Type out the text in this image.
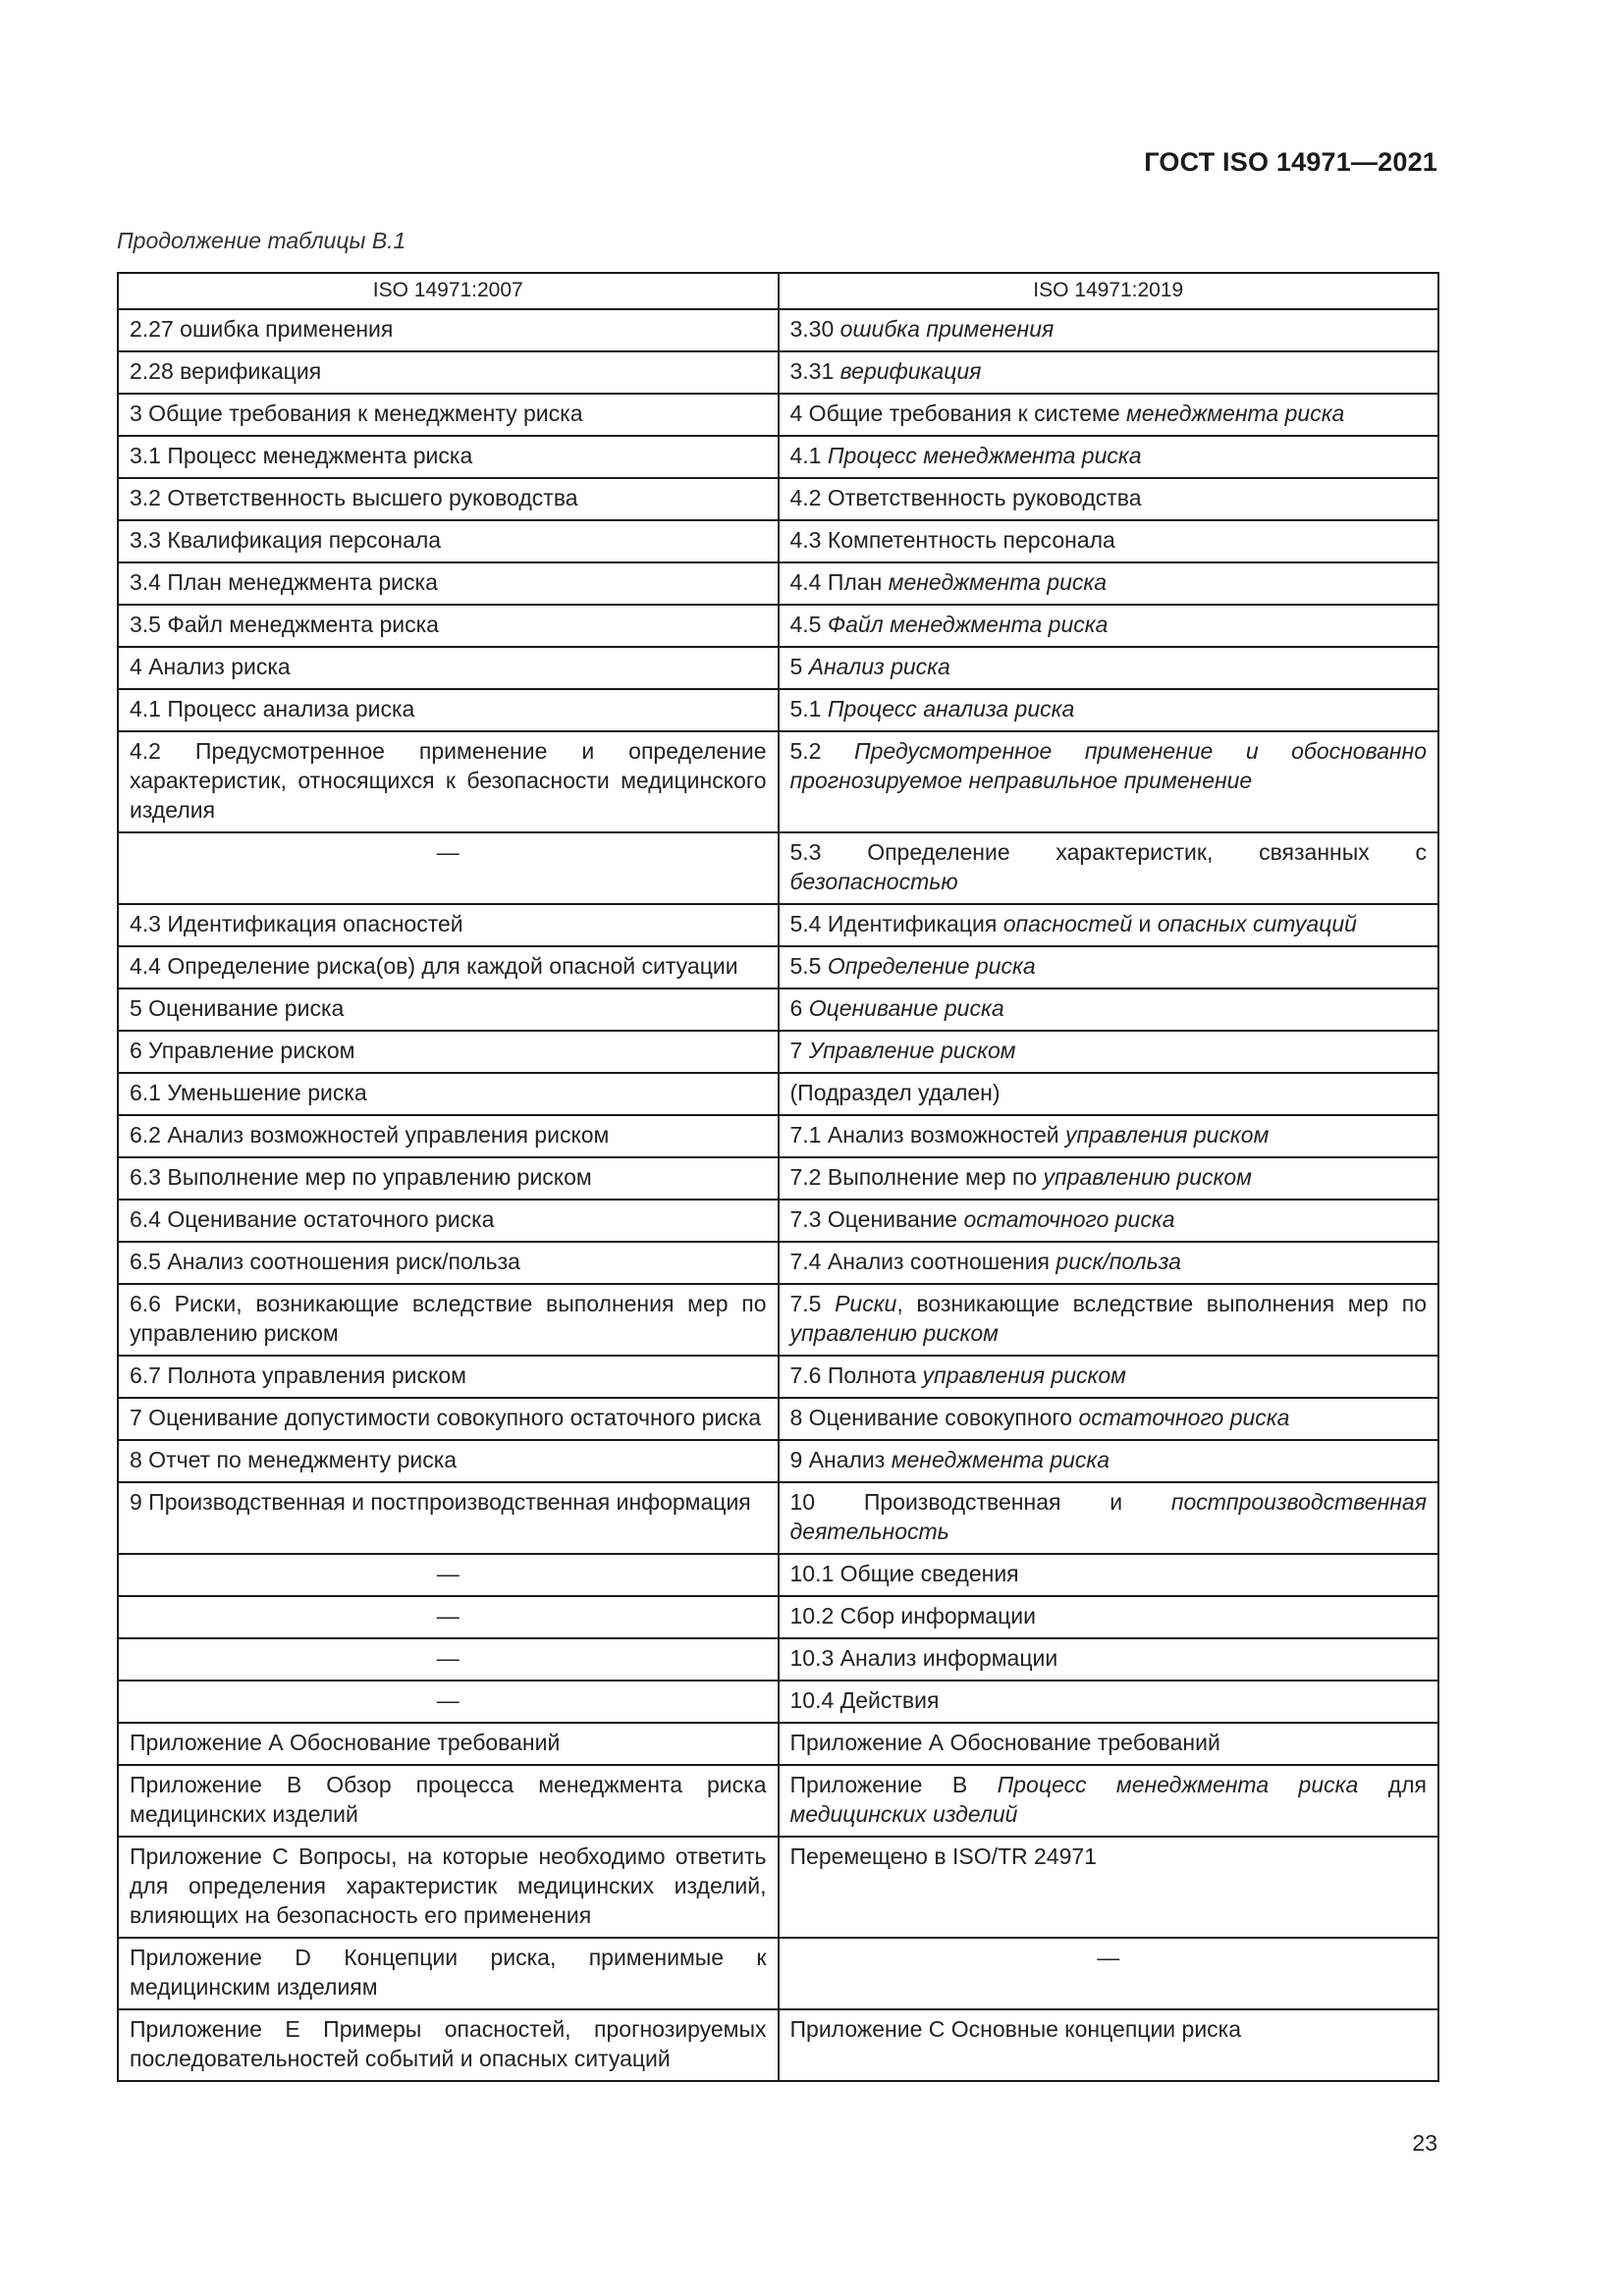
ГОСТ ISO 14971—2021
Продолжение таблицы В.1
ISO 14971:2007	ISO 14971:2019
2.27 ошибка применения	3.30 ошибка применения
2.28 верификация	3.31 верификация
3 Общие требования к менеджменту риска	4 Общие требования к системе менеджмента риска
3.1 Процесс менеджмента риска	4.1 Процесс менеджмента риска
3.2 Ответственность высшего руководства	4.2 Ответственность руководства
3.3 Квалификация персонала	4.3 Компетентность персонала
3.4 План менеджмента риска	4.4 План менеджмента риска
3.5 Файл менеджмента риска	4.5 Файл менеджмента риска
4 Анализ риска	5 Анализ риска
4.1 Процесс анализа риска	5.1 Процесс анализа риска
4.2 Предусмотренное применение и определение характеристик, относящихся к безопасности медицинского изделия	5.2 Предусмотренное применение и обоснованно прогнозируемое неправильное применение
—	5.3 Определение характеристик, связанных с безопасностью
4.3 Идентификация опасностей	5.4 Идентификация опасностей и опасных ситуаций
4.4 Определение риска(ов) для каждой опасной ситуации	5.5 Определение риска
5 Оценивание риска	6 Оценивание риска
6 Управление риском	7 Управление риском
6.1 Уменьшение риска	(Подраздел удален)
6.2 Анализ возможностей управления риском	7.1 Анализ возможностей управления риском
6.3 Выполнение мер по управлению риском	7.2 Выполнение мер по управлению риском
6.4 Оценивание остаточного риска	7.3 Оценивание остаточного риска
6.5 Анализ соотношения риск/польза	7.4 Анализ соотношения риск/польза
6.6 Риски, возникающие вследствие выполнения мер по управлению риском	7.5 Риски, возникающие вследствие выполнения мер по управлению риском
6.7 Полнота управления риском	7.6 Полнота управления риском
7 Оценивание допустимости совокупного остаточного риска	8 Оценивание совокупного остаточного риска
8 Отчет по менеджменту риска	9 Анализ менеджмента риска
9 Производственная и постпроизводственная информация	10 Производственная и постпроизводственная деятельность
—	10.1 Общие сведения
—	10.2 Сбор информации
—	10.3 Анализ информации
—	10.4 Действия
Приложение А Обоснование требований	Приложение А Обоснование требований
Приложение В Обзор процесса менеджмента риска медицинских изделий	Приложение В Процесс менеджмента риска для медицинских изделий
Приложение С Вопросы, на которые необходимо ответить для определения характеристик медицинских изделий, влияющих на безопасность его применения	Перемещено в ISO/TR 24971
Приложение D Концепции риска, применимые к медицинским изделиям	—
Приложение Е Примеры опасностей, прогнозируемых последовательностей событий и опасных ситуаций	Приложение С Основные концепции риска
23
